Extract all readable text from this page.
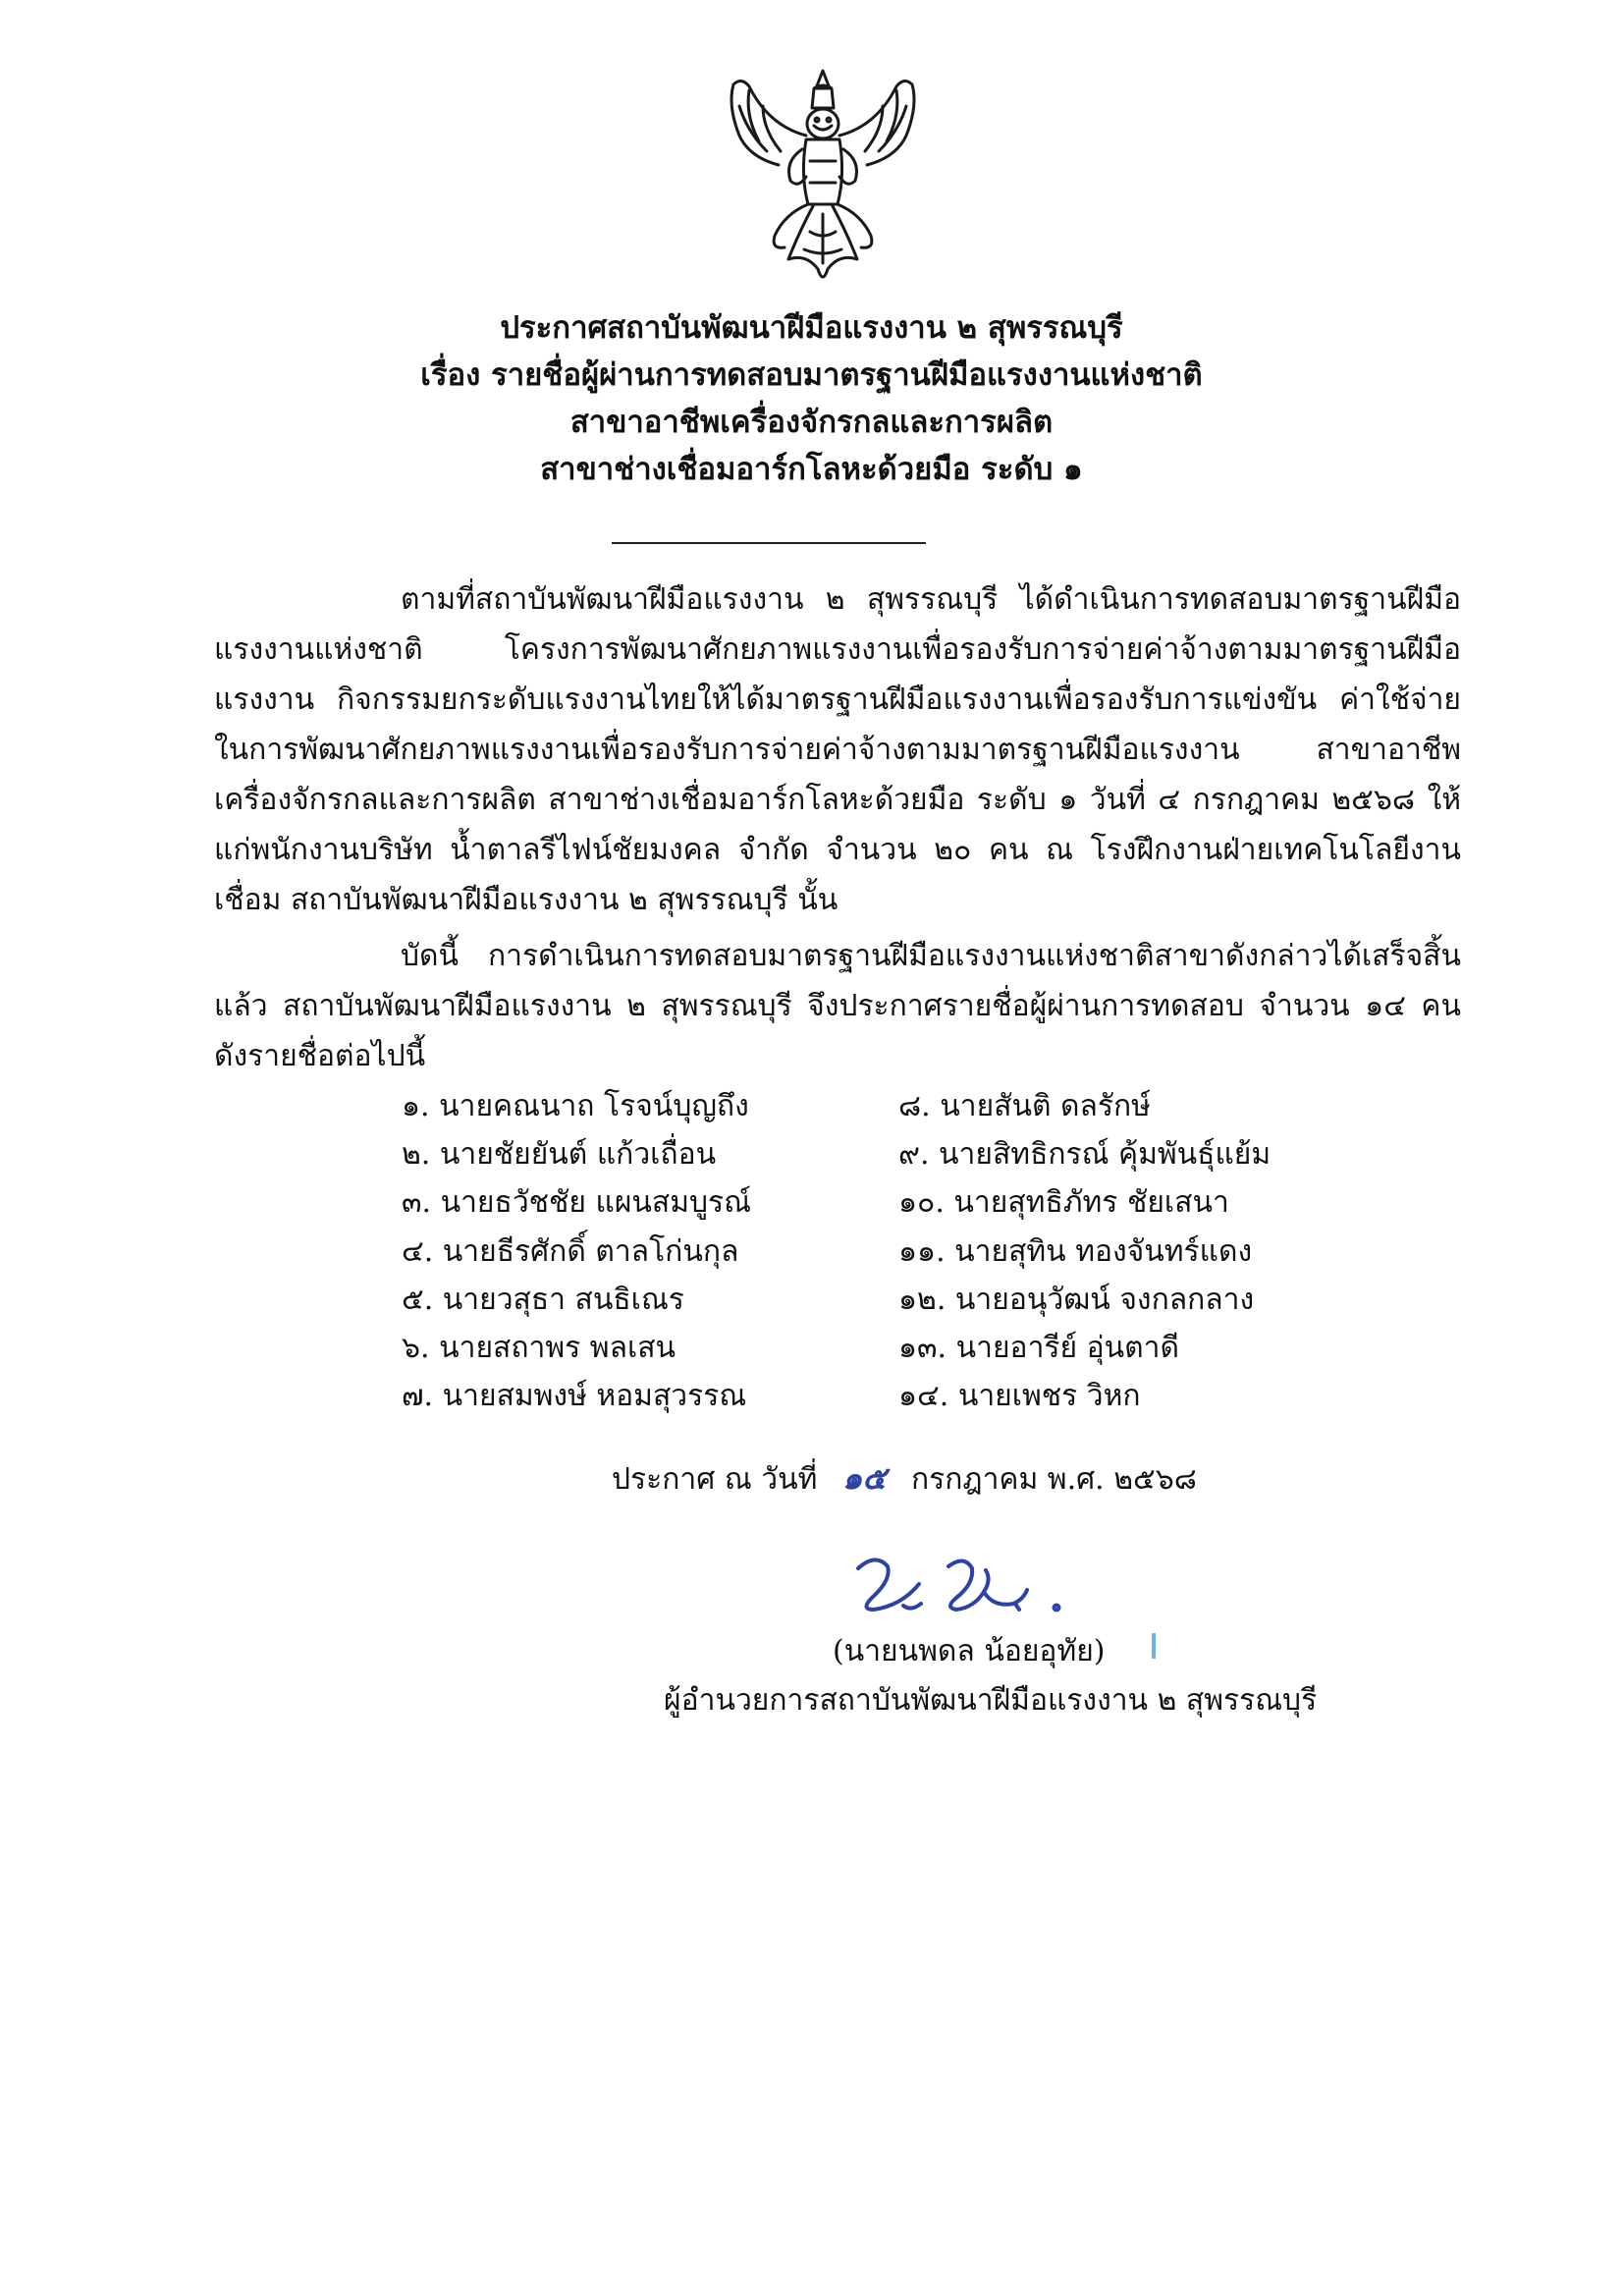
ประกาศสถาบันพัฒนาฝีมือแรงงาน ๒ สุพรรณบุรี
เรื่อง รายชื่อผู้ผ่านการทดสอบมาตรฐานฝีมือแรงงานแห่งชาติ
สาขาอาชีพเครื่องจักรกลและการผลิต
สาขาช่างเชื่อมอาร์กโลหะด้วยมือ ระดับ ๑
ตามที่สถาบันพัฒนาฝีมือแรงงาน ๒ สุพรรณบุรี ได้ดำเนินการทดสอบมาตรฐานฝีมือแรงงานแห่งชาติ โครงการพัฒนาศักยภาพแรงงานเพื่อรองรับการจ่ายค่าจ้างตามมาตรฐานฝีมือแรงงาน กิจกรรมยกระดับแรงงานไทยให้ได้มาตรฐานฝีมือแรงงานเพื่อรองรับการแข่งขัน ค่าใช้จ่ายในการพัฒนาศักยภาพแรงงานเพื่อรองรับการจ่ายค่าจ้างตามมาตรฐานฝีมือแรงงาน สาขาอาชีพเครื่องจักรกลและการผลิต สาขาช่างเชื่อมอาร์กโลหะด้วยมือ ระดับ ๑ วันที่ ๔ กรกฎาคม ๒๕๖๘ ให้แก่พนักงานบริษัท น้ำตาลรีไฟน์ชัยมงคล จำกัด จำนวน ๒๐ คน ณ โรงฝึกงานฝ่ายเทคโนโลยีงานเชื่อม สถาบันพัฒนาฝีมือแรงงาน ๒ สุพรรณบุรี นั้น
บัดนี้ การดำเนินการทดสอบมาตรฐานฝีมือแรงงานแห่งชาติสาขาดังกล่าวได้เสร็จสิ้นแล้ว สถาบันพัฒนาฝีมือแรงงาน ๒ สุพรรณบุรี จึงประกาศรายชื่อผู้ผ่านการทดสอบ จำนวน ๑๔ คน ดังรายชื่อต่อไปนี้
๑. นายคณนาถ โรจน์บุญถึง
๒. นายชัยยันต์ แก้วเถื่อน
๓. นายธวัชชัย แผนสมบูรณ์
๔. นายธีรศักดิ์ ตาลโก่นกุล
๕. นายวสุธา สนธิเณร
๖. นายสถาพร พลเสน
๗. นายสมพงษ์ หอมสุวรรณ
๘. นายสันติ ดลรักษ์
๙. นายสิทธิกรณ์ คุ้มพันธุ์แย้ม
๑๐. นายสุทธิภัทร ชัยเสนา
๑๑. นายสุทิน ทองจันทร์แดง
๑๒. นายอนุวัฒน์ จงกลกลาง
๑๓. นายอารีย์ อุ่นตาดี
๑๔. นายเพชร วิหก
ประกาศ ณ วันที่ ๑๕ กรกฎาคม พ.ศ. ๒๕๖๘
(นายนพดล น้อยอุทัย)
ผู้อำนวยการสถาบันพัฒนาฝีมือแรงงาน ๒ สุพรรณบุรี
